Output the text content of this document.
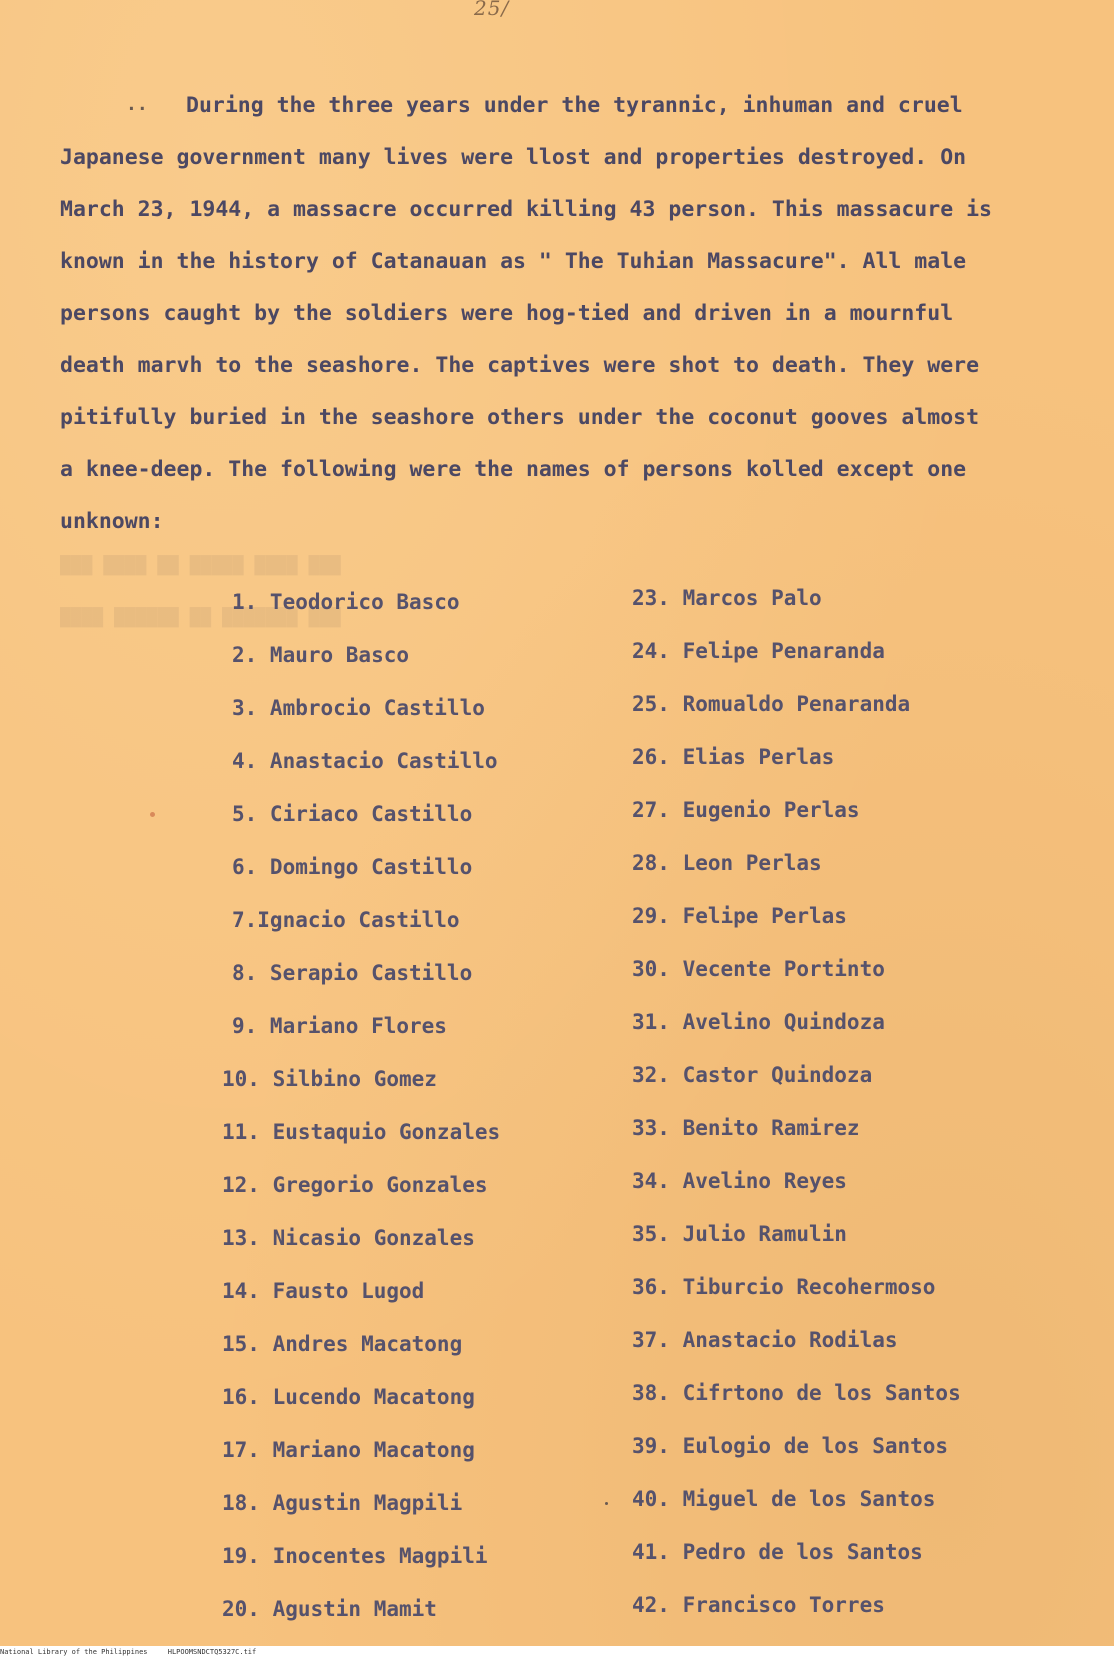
25/
..
███ ████ ██ █████ ████ ███
████ ██████ ██ ███████ ███
During the three years under the tyrannic, inhuman and cruel
Japanese government many lives were llost and properties destroyed. On
March 23, 1944, a massacre occurred killing 43 person. This massacure is
known in the history of Catanauan as " The Tuhian Massacure". All male
persons caught by the soldiers were hog-tied and driven in a mournful
death marvh to the seashore. The captives were shot to death. They were
pitifully buried in the seashore others under the coconut gooves almost
a knee-deep. The following were the names of persons kolled except one
unknown:
1. Teodorico Basco
2. Mauro Basco
3. Ambrocio Castillo
4. Anastacio Castillo
5. Ciriaco Castillo
6. Domingo Castillo
7.Ignacio Castillo
8. Serapio Castillo
9. Mariano Flores
10. Silbino Gomez
11. Eustaquio Gonzales
12. Gregorio Gonzales
13. Nicasio Gonzales
14. Fausto Lugod
15. Andres Macatong
16. Lucendo Macatong
17. Mariano Macatong
18. Agustin Magpili
19. Inocentes Magpili
20. Agustin Mamit
23. Marcos Palo
24. Felipe Penaranda
25. Romualdo Penaranda
26. Elias Perlas
27. Eugenio Perlas
28. Leon Perlas
29. Felipe Perlas
30. Vecente Portinto
31. Avelino Quindoza
32. Castor Quindoza
33. Benito Ramirez
34. Avelino Reyes
35. Julio Ramulin
36. Tiburcio Recohermoso
37. Anastacio Rodilas
38. Cifrtono de los Santos
39. Eulogio de los Santos
40. Miguel de los Santos
41. Pedro de los Santos
42. Francisco Torres
National Library of the Philippines	HLPOOMSNDCTQ5327C.tif
